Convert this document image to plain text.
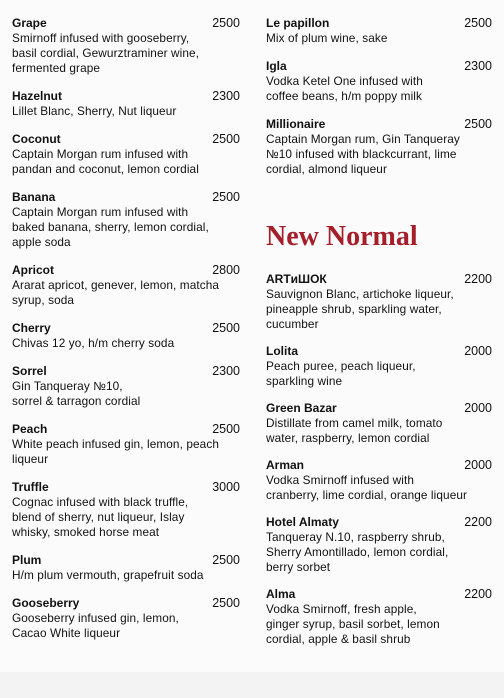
Grape	2500
Smirnoff infused with gooseberry,
basil cordial, Gewurztraminer wine,
fermented grape
Hazelnut	2300
Lillet Blanc, Sherry, Nut liqueur
Coconut	2500
Captain Morgan rum infused with
pandan and coconut, lemon cordial
Banana	2500
Captain Morgan rum infused with
baked banana, sherry, lemon cordial,
apple soda
Apricot	2800
Ararat apricot, genever, lemon, matcha
syrup, soda
Cherry	2500
Chivas 12 yo, h/m cherry soda
Sorrel	2300
Gin Tanqueray №10,
sorrel & tarragon cordial
Peach	2500
White peach infused gin, lemon, peach
liqueur
Truffle	3000
Cognac infused with black truffle,
blend of sherry, nut liqueur, Islay
whisky, smoked horse meat
Plum	2500
H/m plum vermouth, grapefruit soda
Gooseberry	2500
Gooseberry infused gin, lemon,
Cacao White liqueur
Le papillon	2500
Mix of plum wine, sake
Igla	2300
Vodka Ketel One infused with
coffee beans, h/m poppy milk
Millionaire	2500
Captain Morgan rum, Gin Tanqueray
№10 infused with blackcurrant, lime
cordial, almond liqueur
New Normal
ARTиШОК	2200
Sauvignon Blanc, artichoke liqueur,
pineapple shrub, sparkling water,
cucumber
Lolita	2000
Peach puree, peach liqueur,
sparkling wine
Green Bazar	2000
Distillate from camel milk, tomato
water, raspberry, lemon cordial
Arman	2000
Vodka Smirnoff infused with
cranberry, lime cordial, orange liqueur
Hotel Almaty	2200
Tanqueray N.10, raspberry shrub,
Sherry Amontillado, lemon cordial,
berry sorbet
Alma	2200
Vodka Smirnoff, fresh apple,
ginger syrup, basil sorbet, lemon
cordial, apple & basil shrub
